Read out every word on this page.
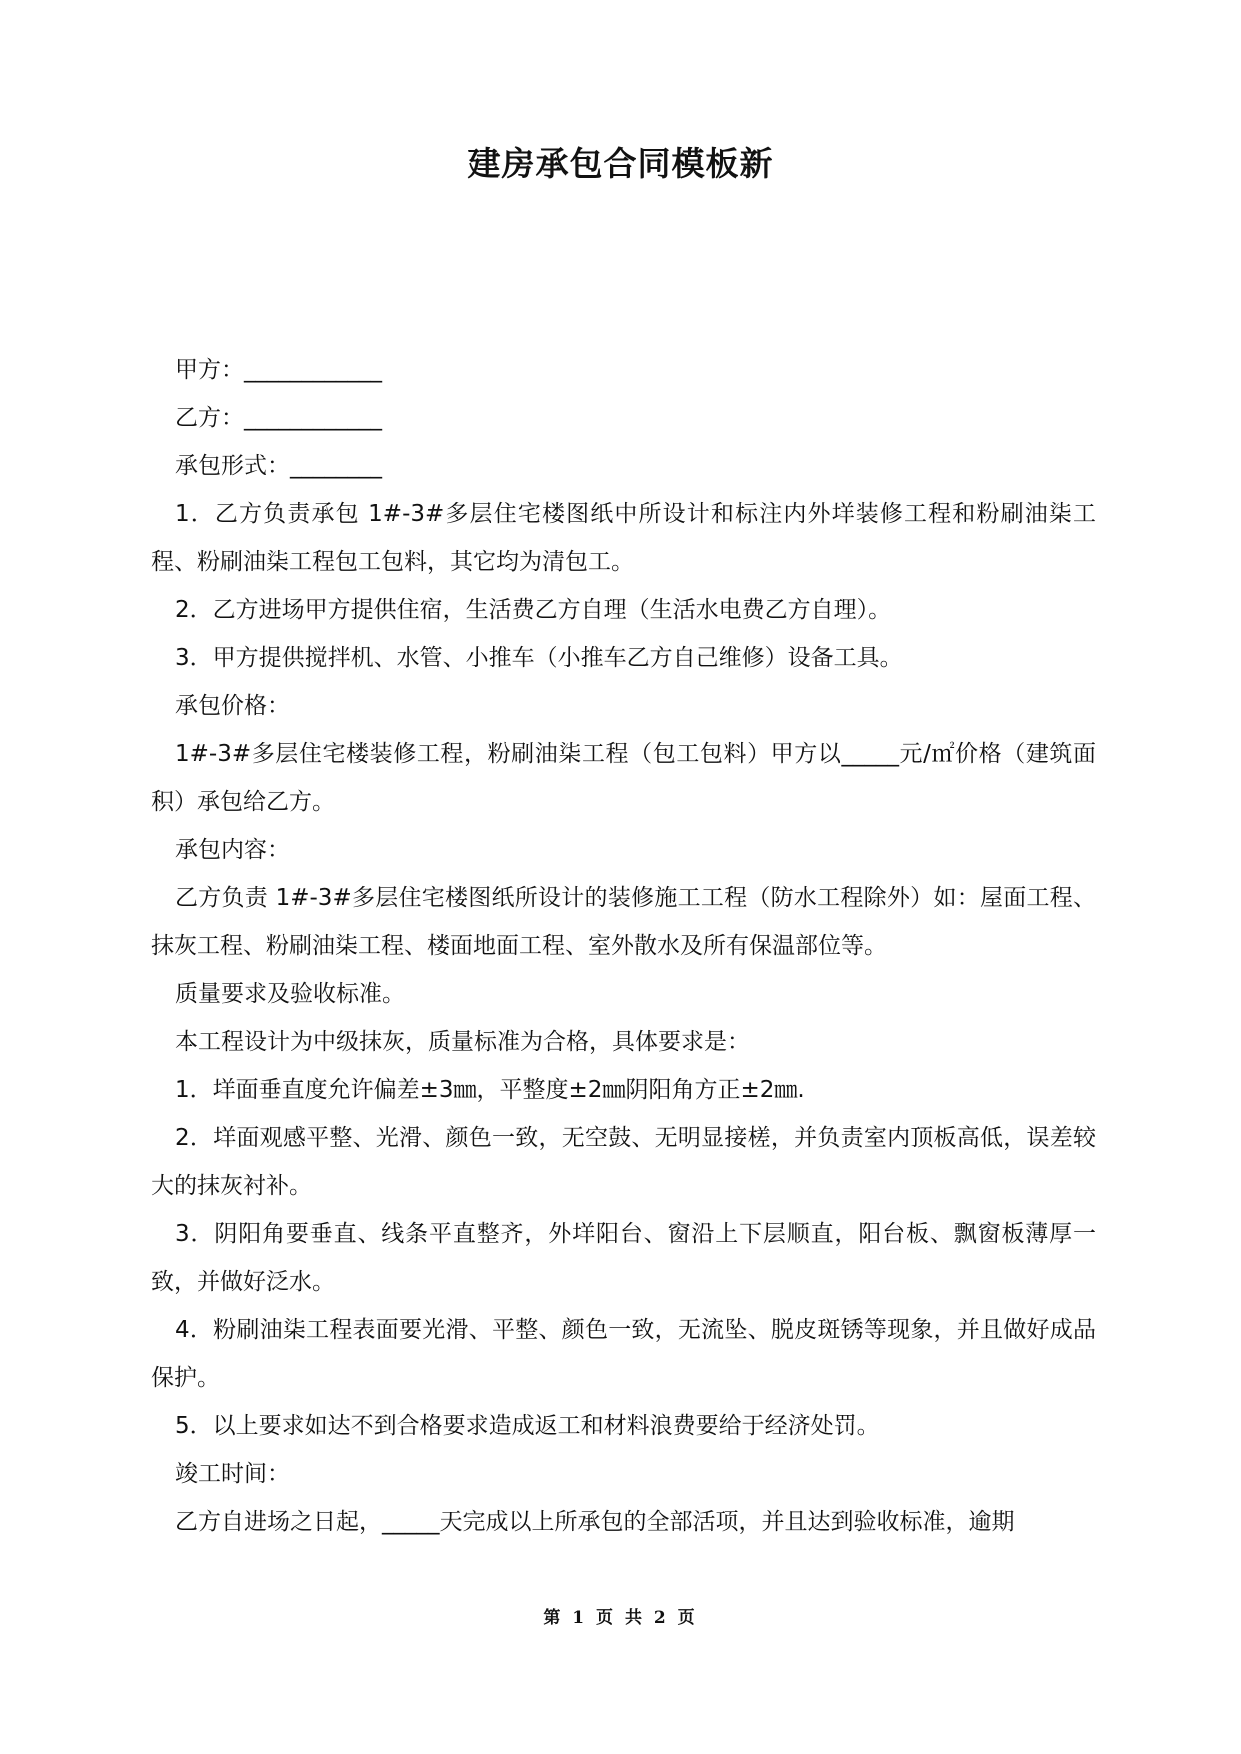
建房承包合同模板新

甲方：____________

乙方：____________

承包形式：________

1．乙方负责承包 1#-3#多层住宅楼图纸中所设计和标注内外垟装修工程和粉刷油柒工程、粉刷油柒工程包工包料，其它均为清包工。

2．乙方进场甲方提供住宿，生活费乙方自理（生活水电费乙方自理）。

3．甲方提供搅拌机、水管、小推车（小推车乙方自己维修）设备工具。

承包价格：

1#-3#多层住宅楼装修工程，粉刷油柒工程（包工包料）甲方以_____元/㎡价格（建筑面积）承包给乙方。

承包内容：

乙方负责 1#-3#多层住宅楼图纸所设计的装修施工工程（防水工程除外）如：屋面工程、抹灰工程、粉刷油柒工程、楼面地面工程、室外散水及所有保温部位等。

质量要求及验收标准。

本工程设计为中级抹灰，质量标准为合格，具体要求是：

1．垟面垂直度允许偏差±3㎜，平整度±2㎜阴阳角方正±2㎜.

2．垟面观感平整、光滑、颜色一致，无空鼓、无明显接槎，并负责室内顶板高低，误差较大的抹灰衬补。

3．阴阳角要垂直、线条平直整齐，外垟阳台、窗沿上下层顺直，阳台板、飘窗板薄厚一致，并做好泛水。

4．粉刷油柒工程表面要光滑、平整、颜色一致，无流坠、脱皮斑锈等现象，并且做好成品保护。

5．以上要求如达不到合格要求造成返工和材料浪费要给于经济处罚。

竣工时间：

乙方自进场之日起，_____天完成以上所承包的全部活项，并且达到验收标准，逾期

第 1 页 共 2 页
